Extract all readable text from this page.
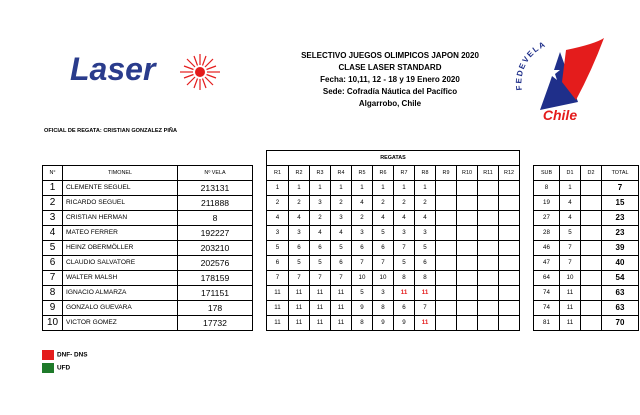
Laser	SELECTIVO JUEGOS OLIMPICOS JAPON 2020
CLASE LASER STANDARD
Fecha: 10,11, 12 - 18 y 19 Enero 2020
Sede: Cofradía Náutica del Pacífico
Algarrobo, Chile
FEDEVELA
Chile
OFICIAL DE REGATA: CRISTIAN GONZALEZ PIÑA
				REGATAS																
N°	TIMONEL	Nº VELA		R1	R2	R3	R4	R5	R6	R7	R8	R9	R10	R11	R12		SUB	D1	D2	TOTAL
1	CLEMENTE SEGUEL	213131		1	1	1	1	1	1	1	1						8	1		7
2	RICARDO SEGUEL	211888		2	2	3	2	4	2	2	2						19	4		15
3	CRISTIAN HERMAN	8		4	4	2	3	2	4	4	4						27	4		23
4	MATEO FERRER	192227		3	3	4	4	3	5	3	3						28	5		23
5	HEINZ OBERMÖLLER	203210		5	6	6	5	6	6	7	5						46	7		39
6	CLAUDIO SALVATORE	202576		6	5	5	6	7	7	5	6						47	7		40
7	WALTER MALSH	178159		7	7	7	7	10	10	8	8						64	10		54
8	IGNACIO ALMARZA	171151		11	11	11	11	5	3	11	11						74	11		63
9	GONZALO GUEVARA	178		11	11	11	11	9	8	6	7						74	11		63
10	VICTOR GOMEZ	17732		11	11	11	11	8	9	9	11						81	11		70
DNF- DNS
UFD
